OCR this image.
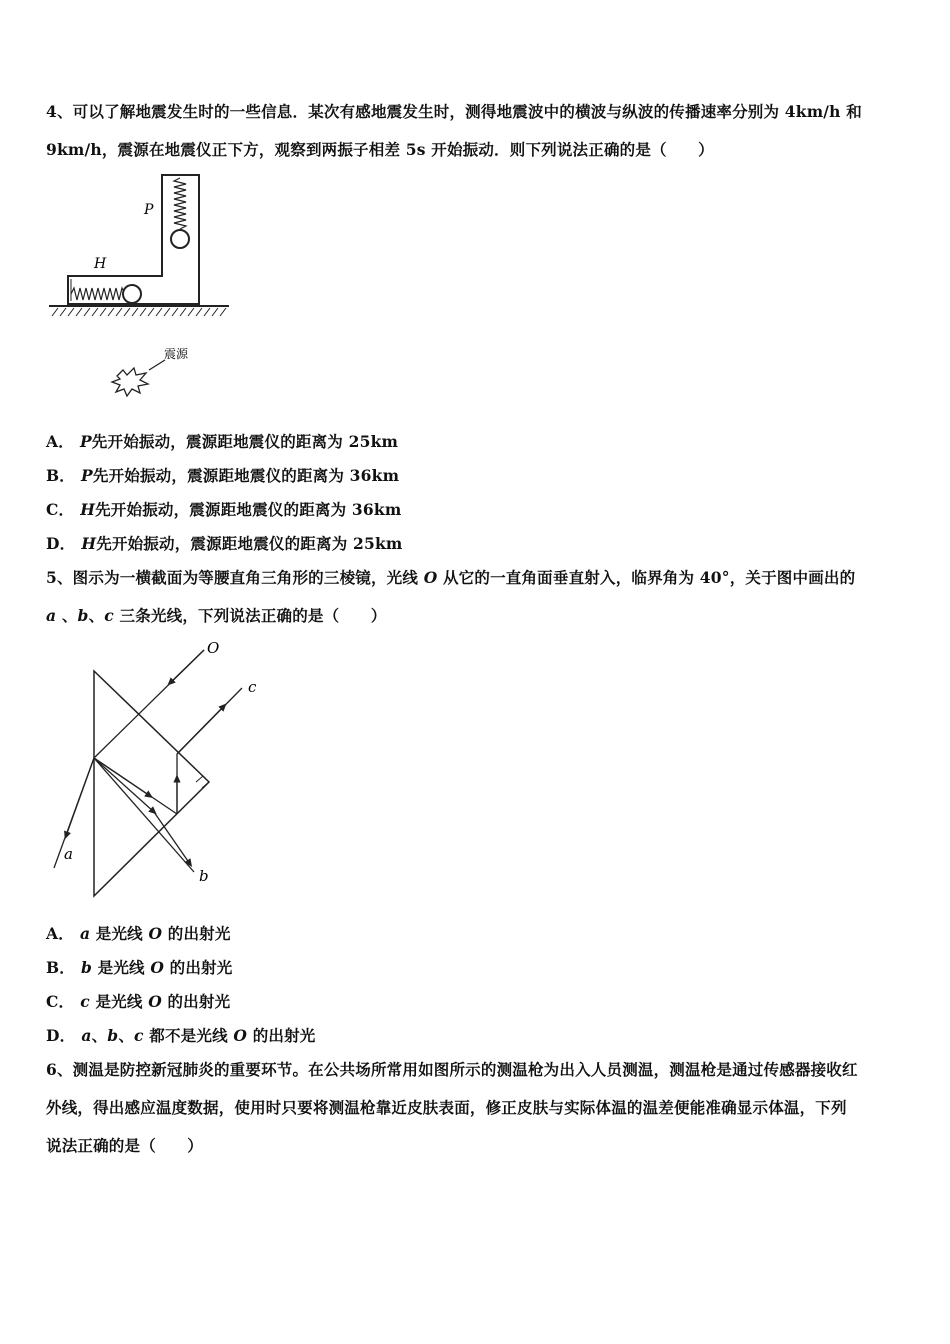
4、可以了解地震发生时的一些信息．某次有感地震发生时，测得地震波中的横波与纵波的传播速率分别为 4km/h 和
9km/h，震源在地震仪正下方，观察到两振子相差 5s 开始振动．则下列说法正确的是（　　）
P
H
震源
A． P先开始振动，震源距地震仪的距离为 25km
B． P先开始振动，震源距地震仪的距离为 36km
C． H先开始振动，震源距地震仪的距离为 36km
D． H先开始振动，震源距地震仪的距离为 25km
5、图示为一横截面为等腰直角三角形的三棱镜，光线 O 从它的一直角面垂直射入，临界角为 40°，关于图中画出的
a 、b、c 三条光线，下列说法正确的是（　　）
O
c
a
b
A． a 是光线 O 的出射光
B． b 是光线 O 的出射光
C． c 是光线 O 的出射光
D． a、b、c 都不是光线 O 的出射光
6、测温是防控新冠肺炎的重要环节。在公共场所常用如图所示的测温枪为出入人员测温，测温枪是通过传感器接收红
外线，得出感应温度数据，使用时只要将测温枪靠近皮肤表面，修正皮肤与实际体温的温差便能准确显示体温，下列
说法正确的是（　　）
